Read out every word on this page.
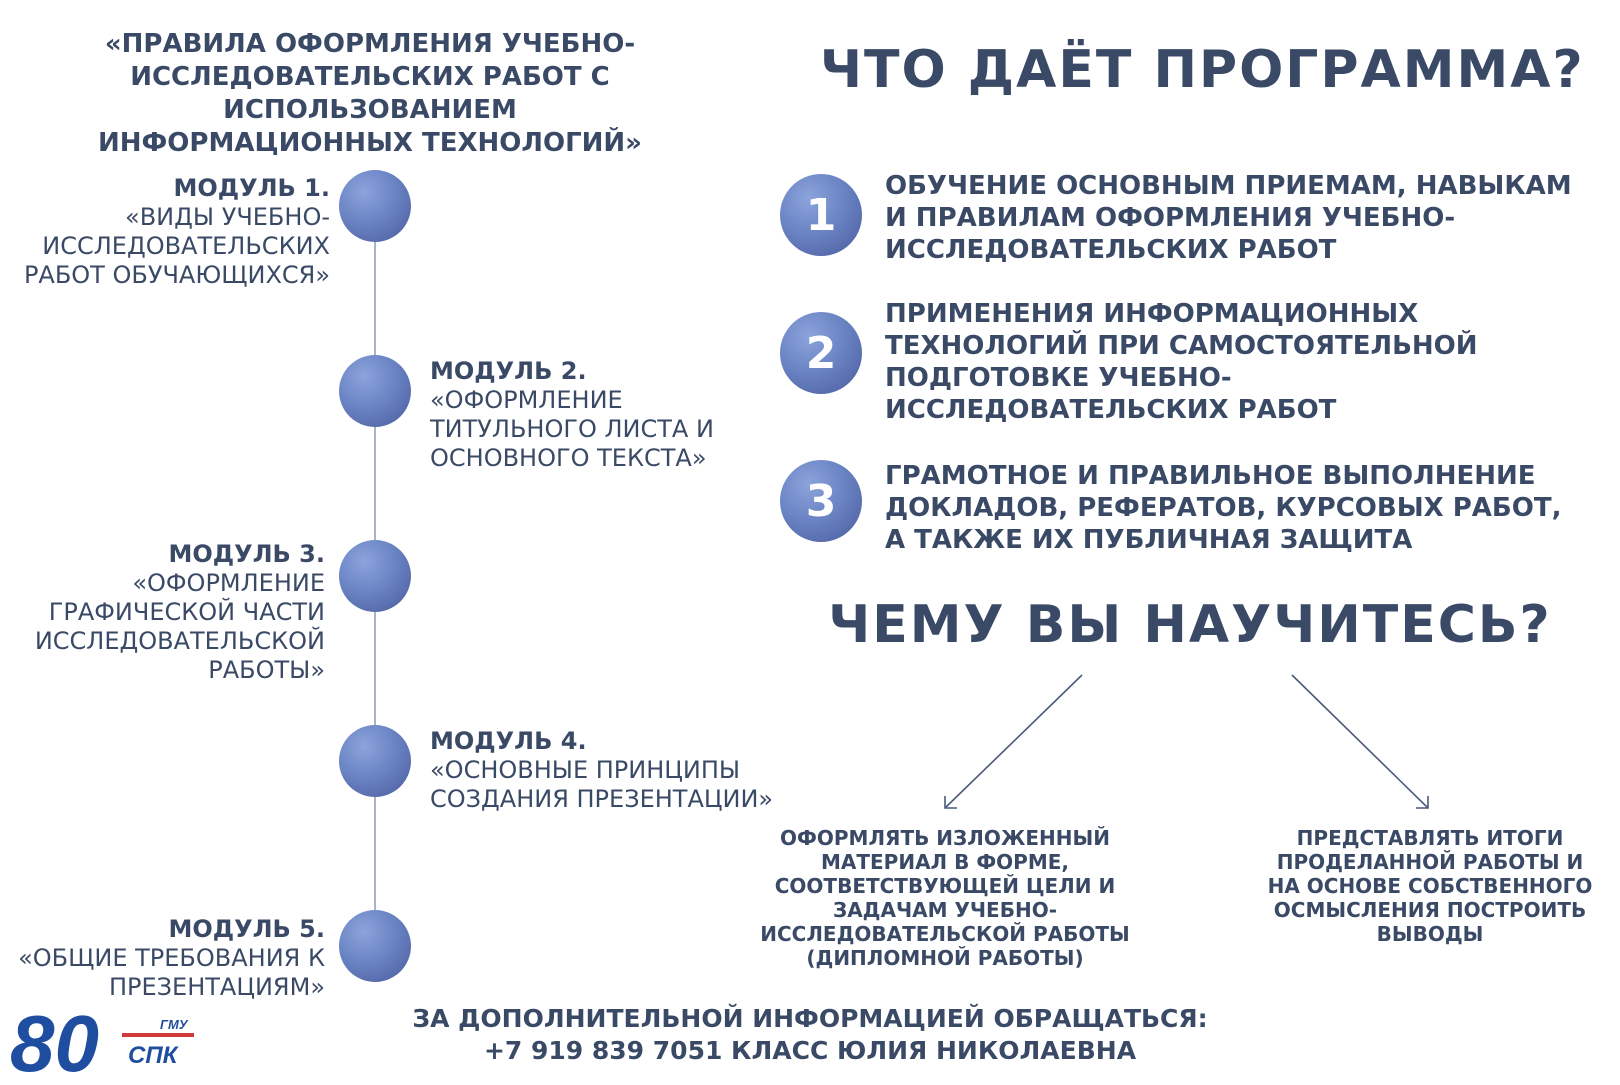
«ПРАВИЛА ОФОРМЛЕНИЯ УЧЕБНО-ИССЛЕДОВАТЕЛЬСКИХ РАБОТ С ИСПОЛЬЗОВАНИЕМ ИНФОРМАЦИОННЫХ ТЕХНОЛОГИЙ»
МОДУЛЬ 1.
«ВИДЫ УЧЕБНО-ИССЛЕДОВАТЕЛЬСКИХ РАБОТ ОБУЧАЮЩИХСЯ»
МОДУЛЬ 2.
«ОФОРМЛЕНИЕ ТИТУЛЬНОГО ЛИСТА И ОСНОВНОГО ТЕКСТА»
МОДУЛЬ 3.
«ОФОРМЛЕНИЕ ГРАФИЧЕСКОЙ ЧАСТИ ИССЛЕДОВАТЕЛЬСКОЙ РАБОТЫ»
МОДУЛЬ 4.
«ОСНОВНЫЕ ПРИНЦИПЫ СОЗДАНИЯ ПРЕЗЕНТАЦИИ»
МОДУЛЬ 5.
«ОБЩИЕ ТРЕБОВАНИЯ К ПРЕЗЕНТАЦИЯМ»
ЧТО ДАЁТ ПРОГРАММА?
1
ОБУЧЕНИЕ ОСНОВНЫМ ПРИЕМАМ, НАВЫКАМ И ПРАВИЛАМ ОФОРМЛЕНИЯ УЧЕБНО-ИССЛЕДОВАТЕЛЬСКИХ РАБОТ
2
ПРИМЕНЕНИЯ ИНФОРМАЦИОННЫХ ТЕХНОЛОГИЙ ПРИ САМОСТОЯТЕЛЬНОЙ ПОДГОТОВКЕ УЧЕБНО-ИССЛЕДОВАТЕЛЬСКИХ РАБОТ
3	ГРАМОТНОЕ И ПРАВИЛЬНОЕ ВЫПОЛНЕНИЕ ДОКЛАДОВ, РЕФЕРАТОВ, КУРСОВЫХ РАБОТ, А ТАКЖЕ ИХ ПУБЛИЧНАЯ ЗАЩИТА
ЧЕМУ ВЫ НАУЧИТЕСЬ?
ОФОРМЛЯТЬ ИЗЛОЖЕННЫЙ МАТЕРИАЛ В ФОРМЕ, СООТВЕТСТВУЮЩЕЙ ЦЕЛИ И ЗАДАЧАМ УЧЕБНО-ИССЛЕДОВАТЕЛЬСКОЙ РАБОТЫ (ДИПЛОМНОЙ РАБОТЫ)
ПРЕДСТАВЛЯТЬ ИТОГИ ПРОДЕЛАННОЙ РАБОТЫ И НА ОСНОВЕ СОБСТВЕННОГО ОСМЫСЛЕНИЯ ПОСТРОИТЬ ВЫВОДЫ
ЗА ДОПОЛНИТЕЛЬНОЙ ИНФОРМАЦИЕЙ ОБРАЩАТЬСЯ:
+7 919 839 7051 КЛАСС ЮЛИЯ НИКОЛАЕВНА
80	ГМУ
СПК
